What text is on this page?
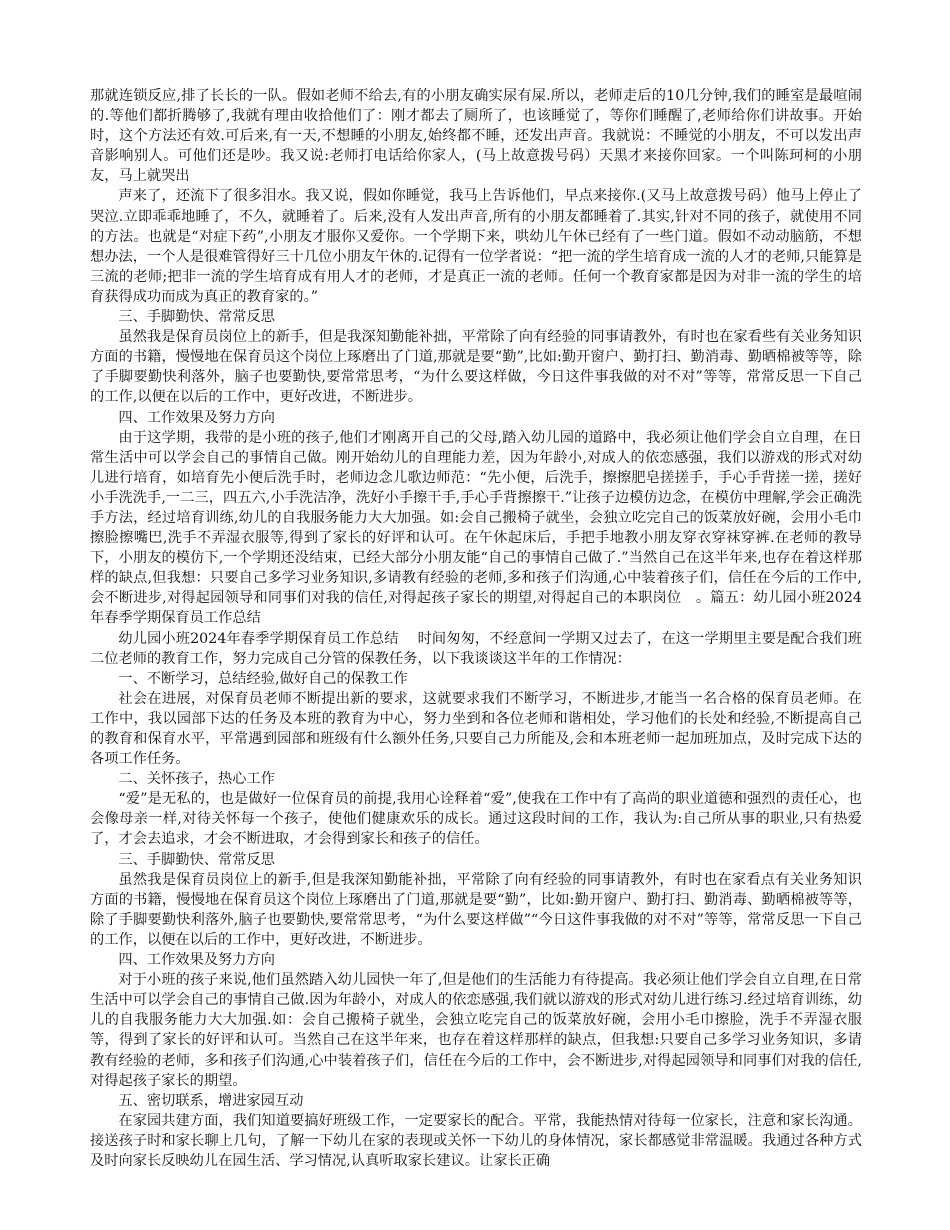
那就连锁反应,排了长长的一队。假如老师不给去,有的小朋友确实尿有屎.所以，老师走后的10几分钟,我们的睡室是最喧闹的.等他们都折腾够了,我就有理由收拾他们了：刚才都去了厕所了，也该睡觉了，等你们睡醒了,老师给你们讲故事。开始时，这个方法还有效.可后来,有一天,不想睡的小朋友,始终都不睡，还发出声音。我就说：不睡觉的小朋友，不可以发出声音影响别人。可他们还是吵。我又说:老师打电话给你家人，(马上故意拨号码）天黑才来接你回家。一个叫陈珂柯的小朋友，马上就哭出

声来了，还流下了很多泪水。我又说，假如你睡觉，我马上告诉他们，早点来接你.(又马上故意拨号码）他马上停止了哭泣.立即乖乖地睡了，不久，就睡着了。后来,没有人发出声音,所有的小朋友都睡着了.其实,针对不同的孩子，就使用不同的方法。也就是“对症下药”,小朋友才服你又爱你。一个学期下来，哄幼儿午休已经有了一些门道。假如不动动脑筋，不想想办法，一个人是很难管得好三十几位小朋友午休的.记得有一位学者说：“把一流的学生培育成一流的人才的老师,只能算是三流的老师;把非一流的学生培育成有用人才的老师，才是真正一流的老师。任何一个教育家都是因为对非一流的学生的培育获得成功而成为真正的教育家的。”

三、手脚勤快、常常反思

虽然我是保育员岗位上的新手，但是我深知勤能补拙，平常除了向有经验的同事请教外，有时也在家看些有关业务知识方面的书籍，慢慢地在保育员这个岗位上琢磨出了门道,那就是要“勤”,比如:勤开窗户、勤打扫、勤消毒、勤晒棉被等等，除了手脚要勤快利落外，脑子也要勤快,要常常思考，“为什么要这样做，今日这件事我做的对不对”等等，常常反思一下自己的工作,以便在以后的工作中，更好改进，不断进步。

四、工作效果及努力方向

由于这学期，我带的是小班的孩子,他们才刚离开自己的父母,踏入幼儿园的道路中，我必须让他们学会自立自理，在日常生活中可以学会自己的事情自己做。刚开始幼儿的自理能力差，因为年龄小,对成人的依恋感强，我们以游戏的形式对幼儿进行培育，如培育先小便后洗手时，老师边念儿歌边师范：“先小便，后洗手，擦擦肥皂搓搓手，手心手背搓一搓，搓好小手洗洗手,一二三，四五六,小手洗洁净，洗好小手擦干手,手心手背擦擦干.”让孩子边模仿边念，在模仿中理解,学会正确洗手方法，经过培育训练,幼儿的自我服务能力大大加强。如:会自己搬椅子就坐，会独立吃完自己的饭菜放好碗，会用小毛巾擦脸擦嘴巴,洗手不弄湿衣服等,得到了家长的好评和认可。在午休起床后，手把手地教小朋友穿衣穿袜穿裤.在老师的教导下，小朋友的模仿下,一个学期还没结束，已经大部分小朋友能“自己的事情自己做了.”当然自己在这半年来,也存在着这样那样的缺点,但我想：只要自己多学习业务知识,多请教有经验的老师,多和孩子们沟通,心中装着孩子们，信任在今后的工作中,会不断进步,对得起园领导和同事们对我的信任,对得起孩子家长的期望,对得起自己的本职岗位　。篇五：幼儿园小班2024年春季学期保育员工作总结

幼儿园小班2024年春季学期保育员工作总结　 时间匆匆，不经意间一学期又过去了，在这一学期里主要是配合我们班二位老师的教育工作，努力完成自己分管的保教任务，以下我谈谈这半年的工作情况：

一、不断学习，总结经验,做好自己的保教工作

社会在进展，对保育员老师不断提出新的要求，这就要求我们不断学习，不断进步,才能当一名合格的保育员老师。在工作中，我以园部下达的任务及本班的教育为中心，努力坐到和各位老师和谐相处，学习他们的长处和经验,不断提高自己的教育和保育水平，平常遇到园部和班级有什么额外任务,只要自己力所能及,会和本班老师一起加班加点，及时完成下达的各项工作任务。

二、关怀孩子，热心工作

“爱”是无私的，也是做好一位保育员的前提,我用心诠释着“爱”,使我在工作中有了高尚的职业道德和强烈的责任心，也会像母亲一样,对待关怀每一个孩子，使他们健康欢乐的成长。通过这段时间的工作，我认为:自己所从事的职业,只有热爱了，才会去追求，才会不断进取，才会得到家长和孩子的信任。

三、手脚勤快、常常反思

虽然我是保育员岗位上的新手,但是我深知勤能补拙，平常除了向有经验的同事请教外，有时也在家看点有关业务知识方面的书籍，慢慢地在保育员这个岗位上琢磨出了门道,那就是要“勤”，比如:勤开窗户、勤打扫、勤消毒、勤晒棉被等等，除了手脚要勤快利落外,脑子也要勤快,要常常思考，“为什么要这样做”“今日这件事我做的对不对”等等，常常反思一下自己的工作，以便在以后的工作中，更好改进，不断进步。

四、工作效果及努力方向

对于小班的孩子来说,他们虽然踏入幼儿园快一年了,但是他们的生活能力有待提高。我必须让他们学会自立自理,在日常生活中可以学会自己的事情自己做.因为年龄小，对成人的依恋感强,我们就以游戏的形式对幼儿进行练习.经过培育训练，幼儿的自我服务能力大大加强.如：会自己搬椅子就坐，会独立吃完自己的饭菜放好碗，会用小毛巾擦脸，洗手不弄湿衣服等，得到了家长的好评和认可。当然自己在这半年来，也存在着这样那样的缺点，但我想:只要自己多学习业务知识，多请教有经验的老师，多和孩子们沟通,心中装着孩子们，信任在今后的工作中，会不断进步,对得起园领导和同事们对我的信任,对得起孩子家长的期望。

五、密切联系，增进家园互动

在家园共建方面，我们知道要搞好班级工作，一定要家长的配合。平常，我能热情对待每一位家长，注意和家长沟通。接送孩子时和家长聊上几句，了解一下幼儿在家的表现或关怀一下幼儿的身体情况，家长都感觉非常温暖。我通过各种方式及时向家长反映幼儿在园生活、学习情况,认真听取家长建议。让家长正确
